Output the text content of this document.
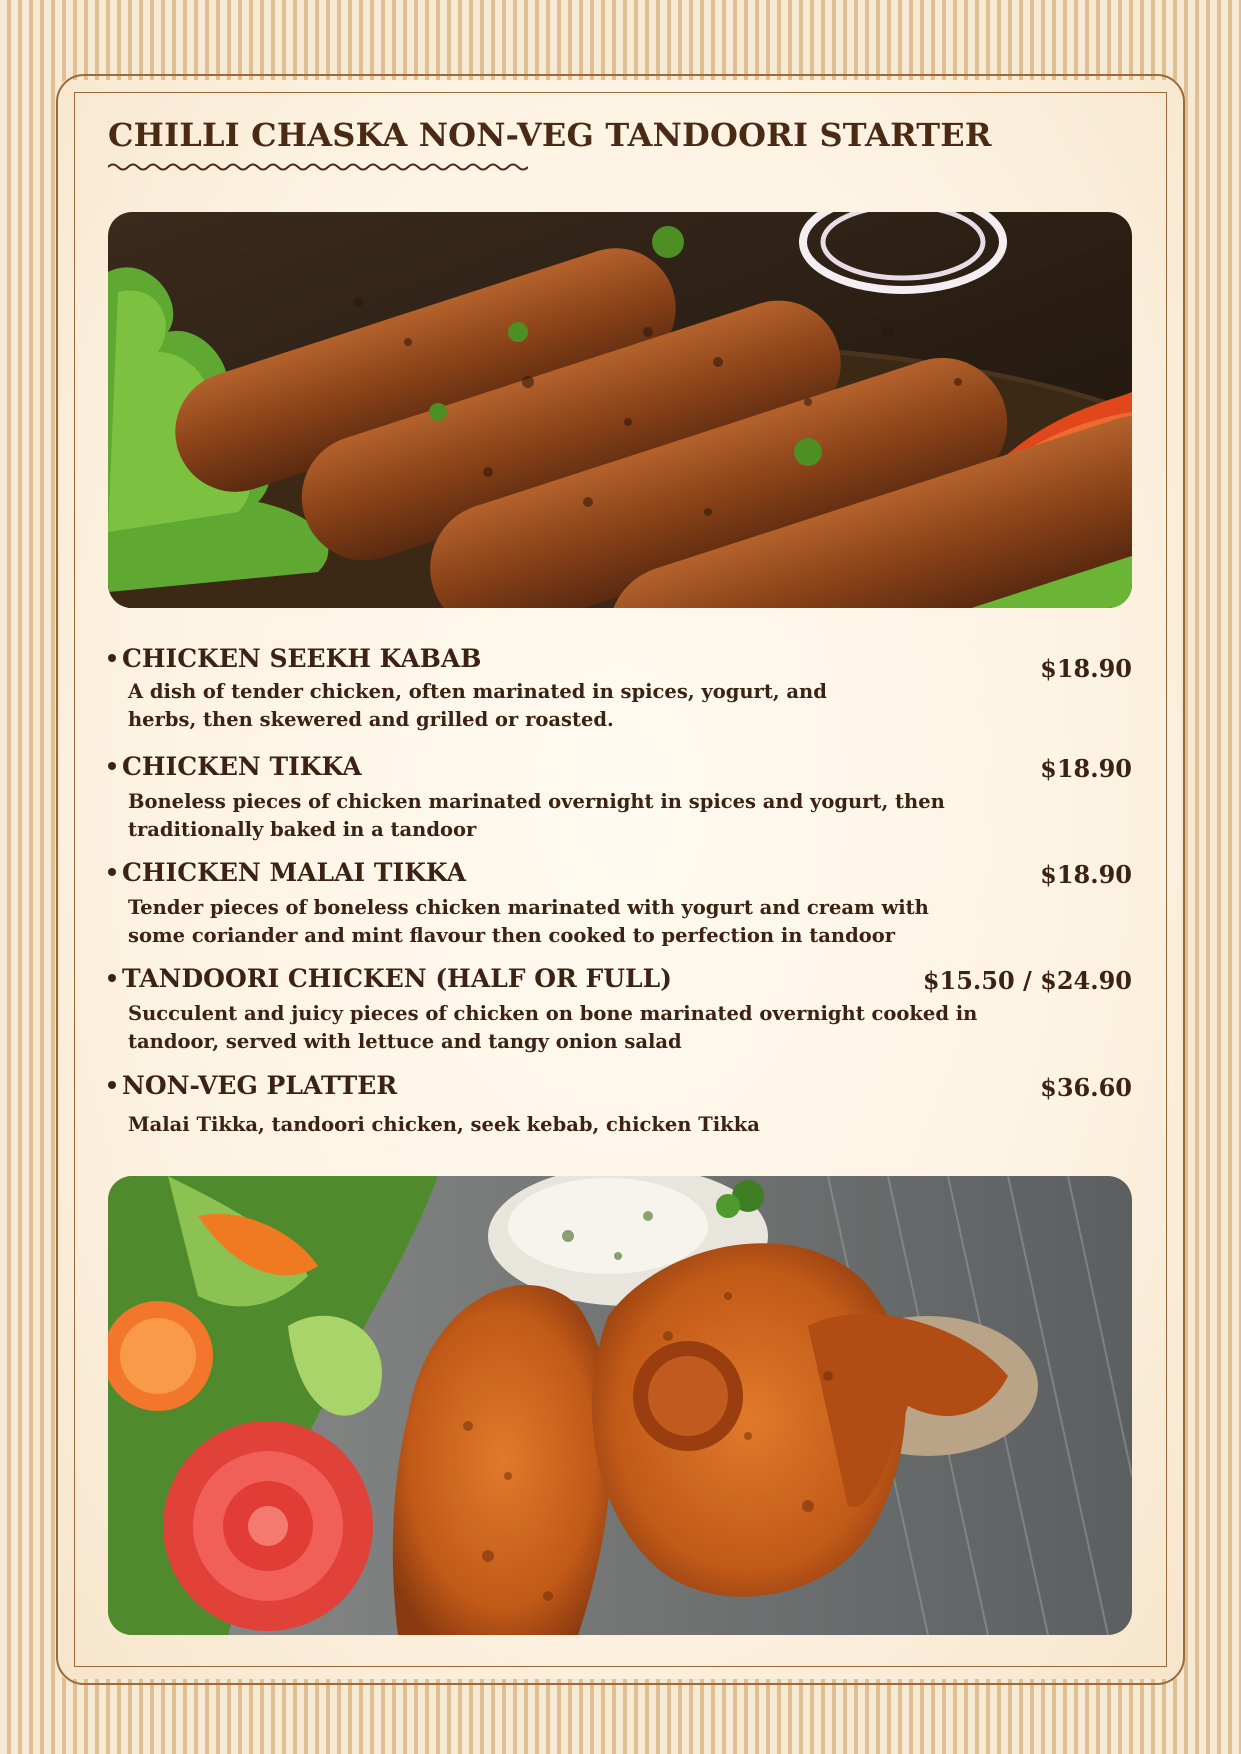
CHILLI CHASKA NON-VEG TANDOORI STARTER
CHICKEN SEEKH KABAB	$18.90
A dish of tender chicken, often marinated in spices, yogurt, and
herbs, then skewered and grilled or roasted.
CHICKEN TIKKA	$18.90
Boneless pieces of chicken marinated overnight in spices and yogurt, then
traditionally baked in a tandoor
CHICKEN MALAI TIKKA	$18.90
Tender pieces of boneless chicken marinated with yogurt and cream with
some coriander and mint flavour then cooked to perfection in tandoor
TANDOORI CHICKEN (HALF OR FULL)	$15.50 / $24.90
Succulent and juicy pieces of chicken on bone marinated overnight cooked in
tandoor, served with lettuce and tangy onion salad
NON-VEG PLATTER	$36.60
Malai Tikka, tandoori chicken, seek kebab, chicken Tikka
